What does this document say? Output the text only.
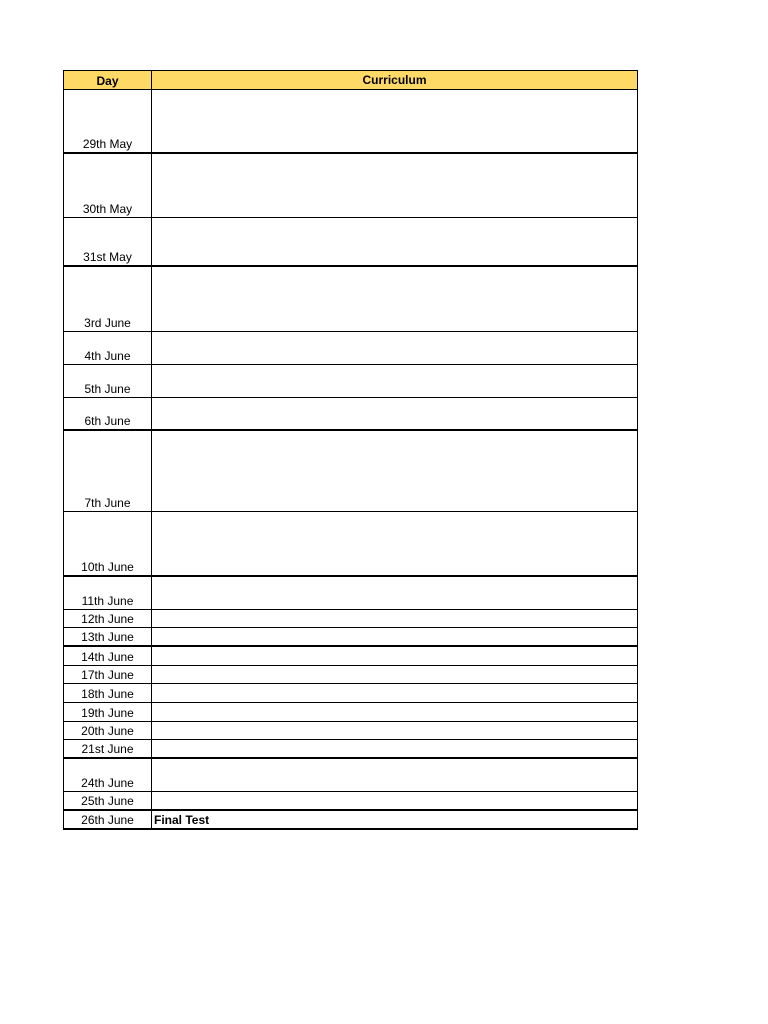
Day	Curriculum
29th May
30th May
31st May
3rd June
4th June
5th June
6th June
7th June
10th June
11th June
12th June
13th June
14th June
17th June
18th June
19th June
20th June
21st June
24th June
25th June
26th June	Final Test
